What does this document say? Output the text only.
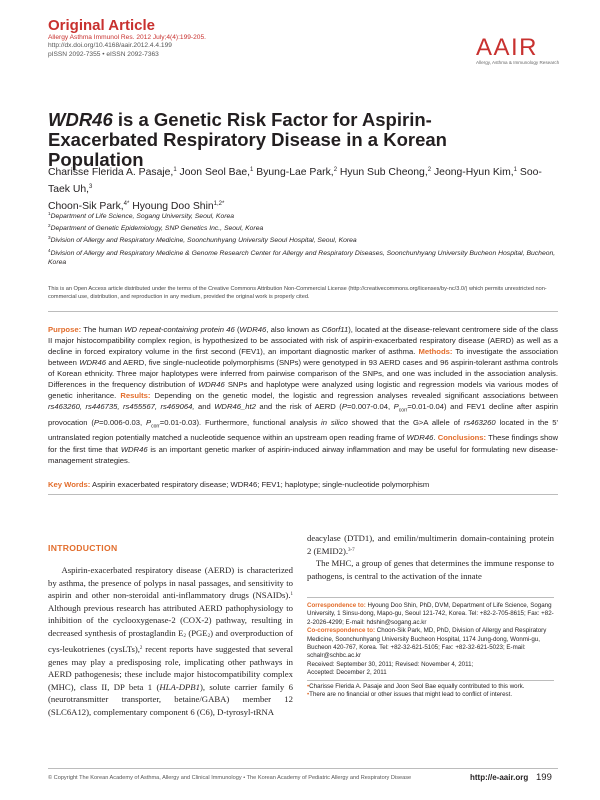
Original Article
Allergy Asthma Immunol Res. 2012 July;4(4):199-205.
http://dx.doi.org/10.4168/aair.2012.4.4.199
pISSN 2092-7355 • eISSN 2092-7363	AAIR
Allergy, Asthma & Immunology Research
WDR46 is a Genetic Risk Factor for Aspirin-Exacerbated Respiratory Disease in a Korean Population
Charisse Flerida A. Pasaje,$^1$ Joon Seol Bae,$^1$ Byung-Lae Park,$^2$ Hyun Sub Cheong,$^2$ Jeong-Hyun Kim,$^1$ Soo-Taek Uh,$^3$
Choon-Sik Park,$^{4*}$ Hyoung Doo Shin$^{1,2*}$
$^1$Department of Life Science, Sogang University, Seoul, Korea
$^2$Department of Genetic Epidemiology, SNP Genetics Inc., Seoul, Korea
$^3$Division of Allergy and Respiratory Medicine, Soonchunhyang University Seoul Hospital, Seoul, Korea
$^4$Division of Allergy and Respiratory Medicine & Genome Research Center for Allergy and Respiratory Diseases, Soonchunhyang University Bucheon Hospital, Bucheon, Korea

This is an Open Access article distributed under the terms of the Creative Commons Attribution Non-Commercial License (http://creativecommons.org/licenses/by-nc/3.0/) which permits unrestricted non-commercial use, distribution, and reproduction in any medium, provided the original work is properly cited.

Purpose: The human WD repeat-containing protein 46 (WDR46, also known as C6orf11), located at the disease-relevant centromere side of the class II major histocompatibility complex region, is hypothesized to be associated with risk of aspirin-exacerbated respiratory disease (AERD) as well as a decline in forced expiratory volume in the first second (FEV1), an important diagnostic marker of asthma. Methods: To investigate the association between WDR46 and AERD, five single-nucleotide polymorphisms (SNPs) were genotyped in 93 AERD cases and 96 aspirin-tolerant asthma controls of Korean ethnicity. Three major haplotypes were inferred from pairwise comparison of the SNPs, and one was included in the association analysis. Differences in the frequency distribution of WDR46 SNPs and haplotype were analyzed using logistic and regression models via various modes of genetic inheritance. Results: Depending on the genetic model, the logistic and regression analyses revealed significant associations between rs463260, rs446735, rs455567, rs469064, and WDR46_ht2 and the risk of AERD (P=0.007-0.04, $P_{corr}=0.01-0.04$) and FEV1 decline after aspirin provocation (P=0.006-0.03, $P_{corr}=0.01-0.03$). Furthermore, functional analysis in silico showed that the G>A allele of rs463260 located in the 5' untranslated region potentially matched a nucleotide sequence within an upstream open reading frame of WDR46. Conclusions: These findings show for the first time that WDR46 is an important genetic marker of aspirin-induced airway inflammation and may be useful for formulating new disease-management strategies.

Key Words: Aspirin exacerbated respiratory disease; WDR46; FEV1; haplotype; single-nucleotide polymorphism
INTRODUCTION

Aspirin-exacerbated respiratory disease (AERD) is characterized by asthma, the presence of polyps in nasal passages, and sensitivity to aspirin and other non-steroidal anti-inflammatory drugs (NSAIDs).$^1$ Although previous research has attributed AERD pathophysiology to inhibition of the cyclooxygenase-2 (COX-2) pathway, resulting in decreased synthesis of prostaglandin $E_2$ $(PGE_2)$ and overproduction of cys-leukotrienes (cysLTs),$^2$ recent reports have suggested that several genes may play a predisposing role, implicating other pathways in AERD pathogenesis; these include major histocompatibility complex (MHC), class II, DP beta 1 (HLA-DPB1), solute carrier family 6 (neurotransmitter transporter, betaine/GABA) member 12 (SLC6A12), complementary component 6 (C6), D-tyrosyl-tRNA

deacylase (DTD1), and emilin/multimerin domain-containing protein 2 (EMID2).$^{3-7}$

The MHC, a group of genes that determines the immune response to pathogens, is central to the activation of the innate

Correspondence to: Hyoung Doo Shin, PhD, DVM, Department of Life Science, Sogang University, 1 Sinsu-dong, Mapo-gu, Seoul 121-742, Korea. Tel: +82-2-705-8615; Fax: +82-2-2026-4299; E-mail: hdshin@sogang.ac.kr

Co-correspondence to: Choon-Sik Park, MD, PhD, Division of Allergy and Respiratory Medicine, Soonchunhyang University Bucheon Hospital, 1174 Jung-dong, Wonmi-gu, Bucheon 420-767, Korea. Tel: +82-32-621-5105; Fax: +82-32-621-5023; E-mail: schalr@schbc.ac.kr

Received: September 30, 2011; Revised: November 4, 2011;

Accepted: December 2, 2011

•Charisse Flerida A. Pasaje and Joon Seol Bae equally contributed to this work.

•There are no financial or other issues that might lead to conflict of interest.

© Copyright The Korean Academy of Asthma, Allergy and Clinical Immunology • The Korean Academy of Pediatric Allergy and Respiratory Disease	http://e-aair.org 199
